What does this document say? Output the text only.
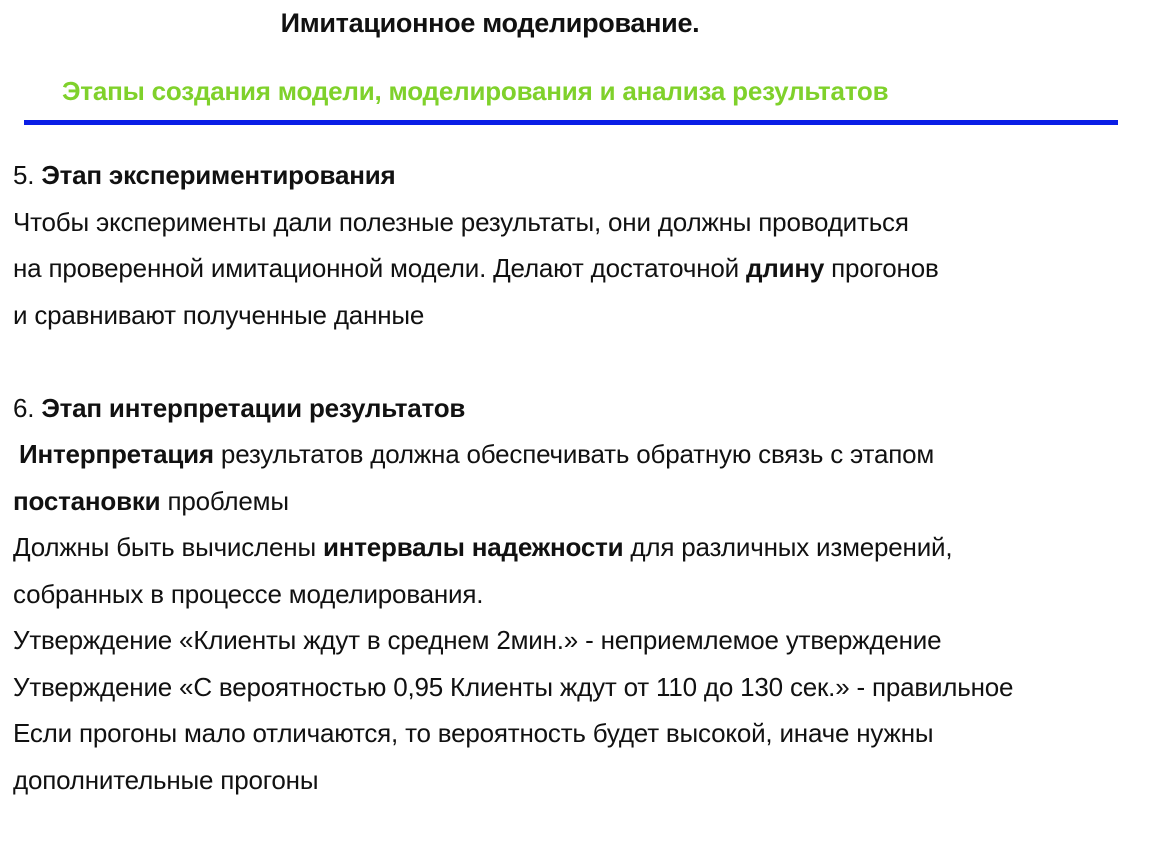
Имитационное моделирование.
Этапы создания модели, моделирования и анализа результатов
5. Этап экспериментирования
Чтобы эксперименты дали полезные результаты, они должны проводиться
на проверенной имитационной модели. Делают достаточной длину прогонов
и сравнивают полученные данные
6. Этап интерпретации результатов
Интерпретация результатов должна обеспечивать обратную связь с этапом
постановки проблемы
Должны быть вычислены интервалы надежности для различных измерений,
собранных в процессе моделирования.
Утверждение «Клиенты ждут в среднем 2мин.» - неприемлемое утверждение
Утверждение «С вероятностью 0,95 Клиенты ждут от 110 до 130 сек.» - правильное
Если прогоны мало отличаются, то вероятность будет высокой, иначе нужны
дополнительные прогоны
